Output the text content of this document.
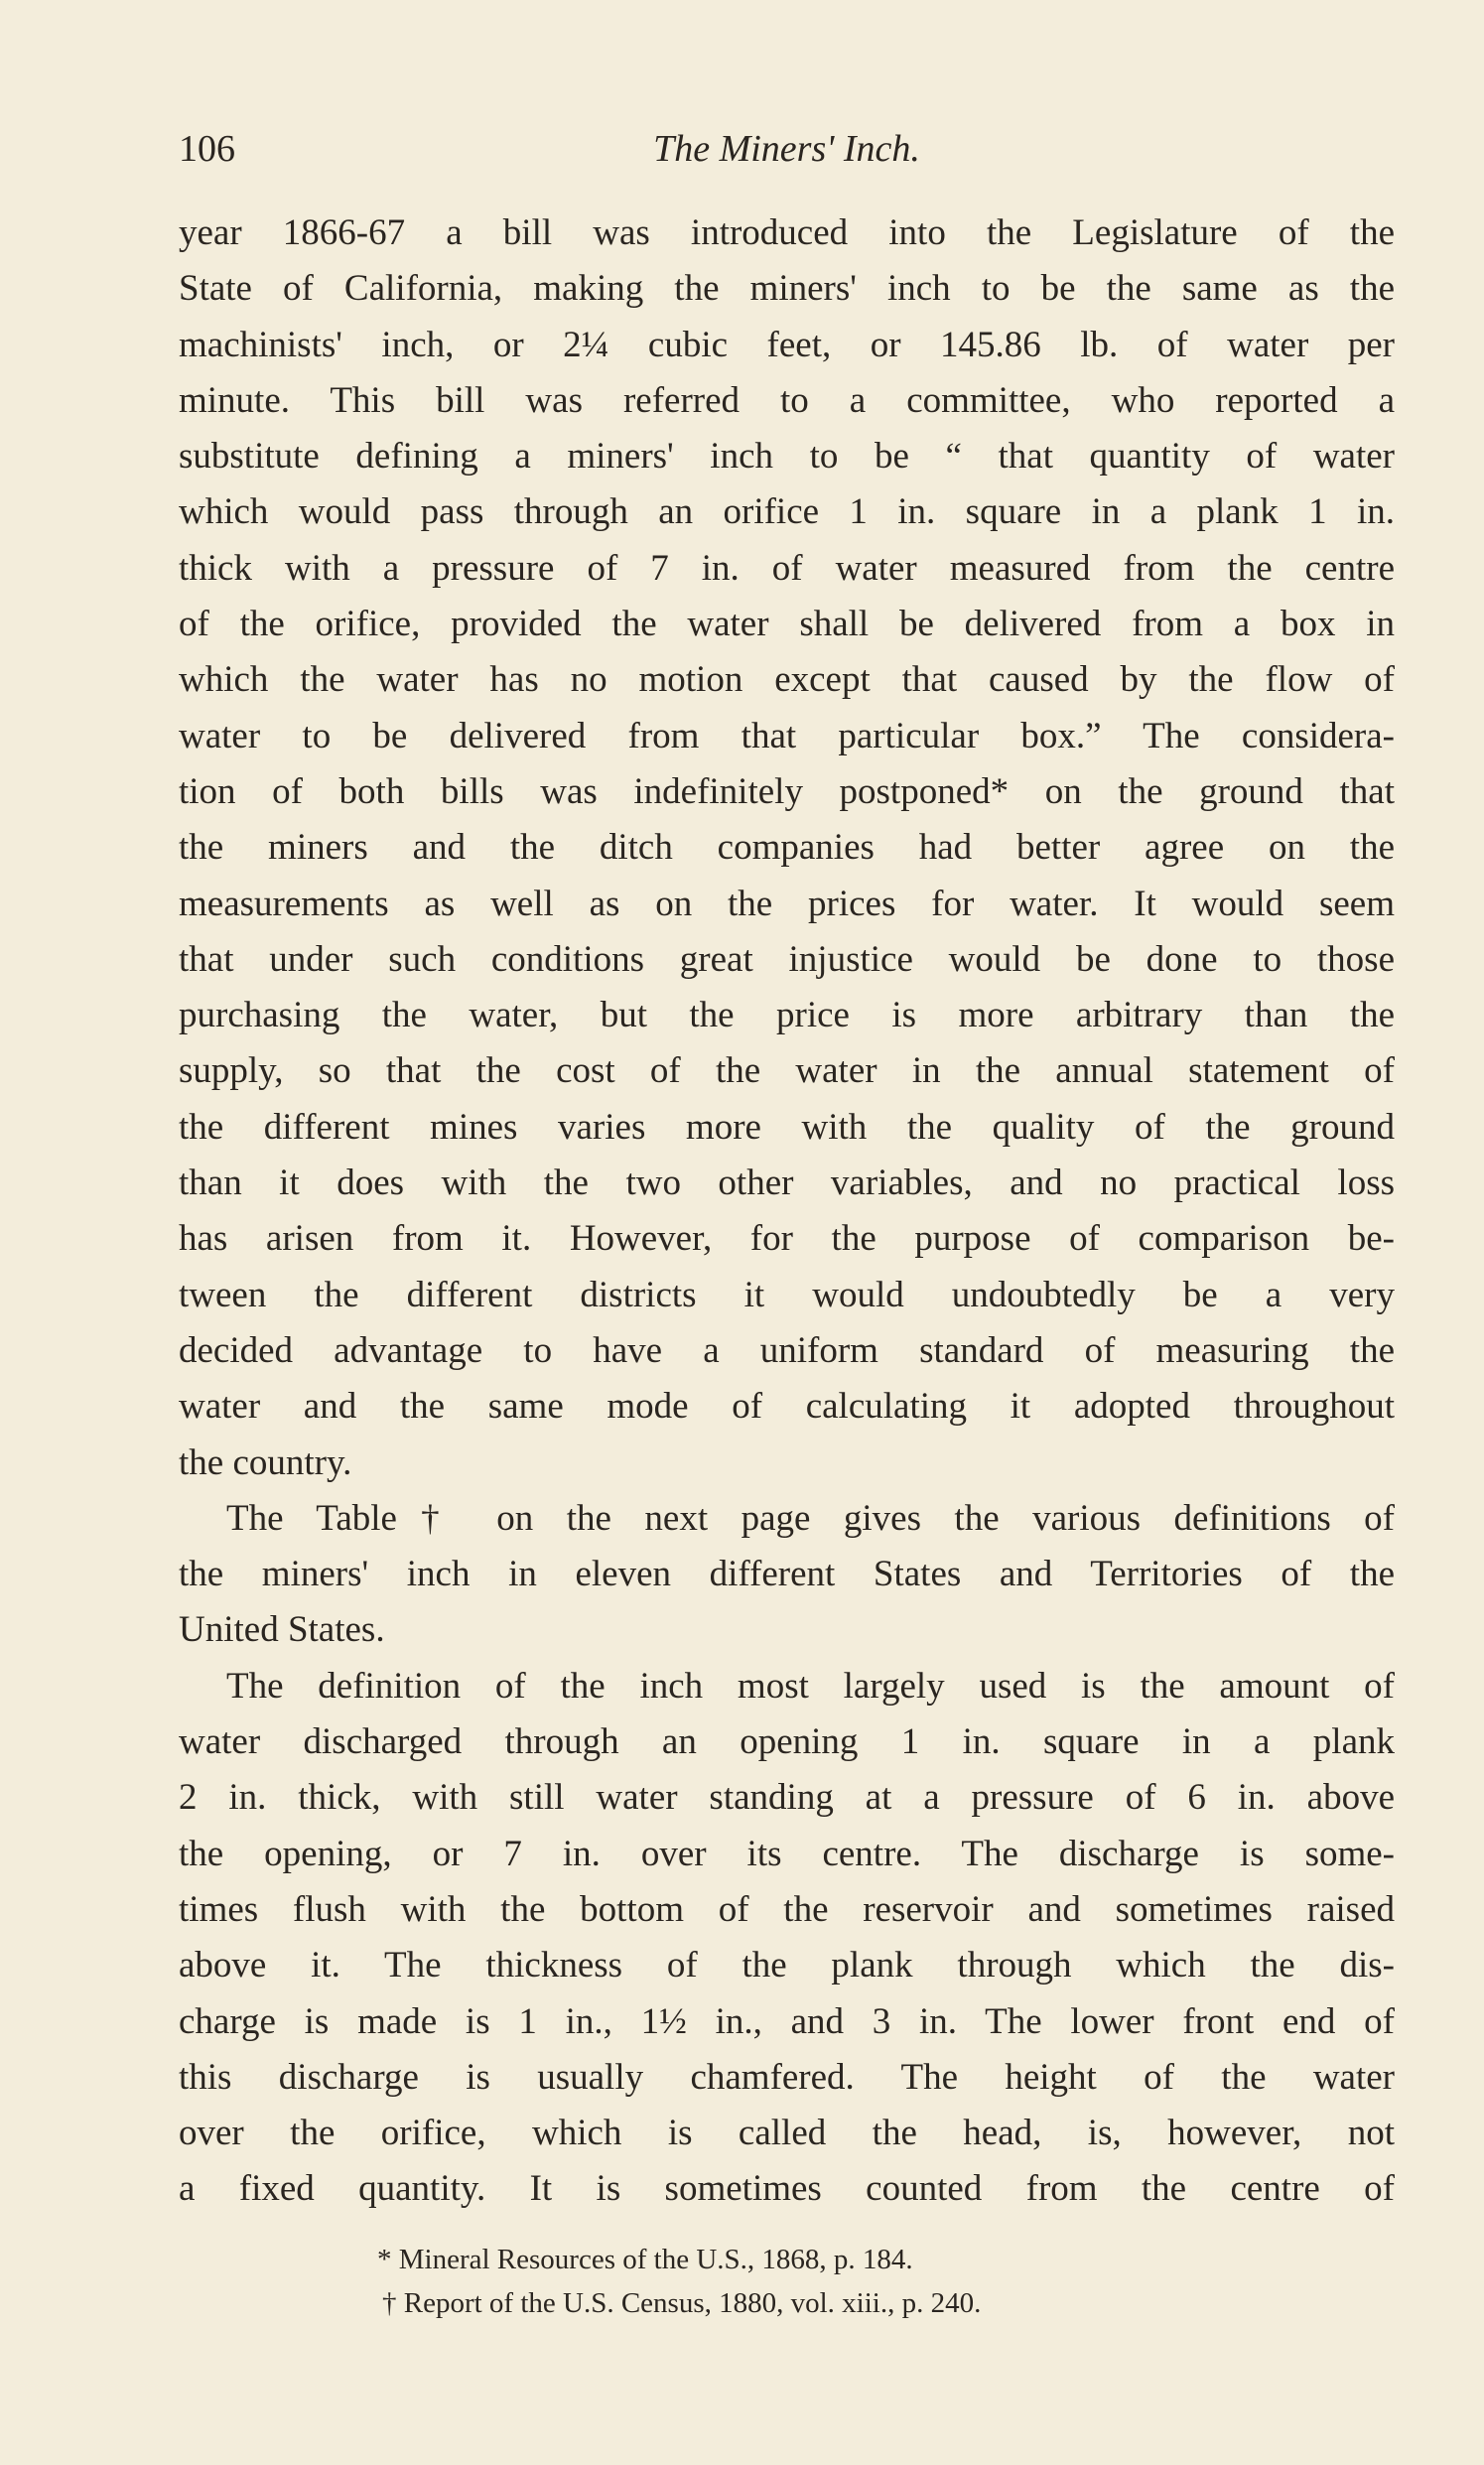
106	The Miners' Inch.
year 1866-67 a bill was introduced into the Legislature of the
State of California, making the miners' inch to be the same as the
machinists' inch, or 2¼ cubic feet, or 145.86 lb. of water per
minute. This bill was referred to a committee, who reported a
substitute defining a miners' inch to be “ that quantity of water
which would pass through an orifice 1 in. square in a plank 1 in.
thick with a pressure of 7 in. of water measured from the centre
of the orifice, provided the water shall be delivered from a box in
which the water has no motion except that caused by the flow of
water to be delivered from that particular box.” The considera-
tion of both bills was indefinitely postponed* on the ground that
the miners and the ditch companies had better agree on the
measurements as well as on the prices for water. It would seem
that under such conditions great injustice would be done to those
purchasing the water, but the price is more arbitrary than the
supply, so that the cost of the water in the annual statement of
the different mines varies more with the quality of the ground
than it does with the two other variables, and no practical loss
has arisen from it. However, for the purpose of comparison be-
tween the different districts it would undoubtedly be a very
decided advantage to have a uniform standard of measuring the
water and the same mode of calculating it adopted throughout
the country.
The Table† on the next page gives the various definitions of
the miners' inch in eleven different States and Territories of the
United States.
The definition of the inch most largely used is the amount of
water discharged through an opening 1 in. square in a plank
2 in. thick, with still water standing at a pressure of 6 in. above
the opening, or 7 in. over its centre. The discharge is some-
times flush with the bottom of the reservoir and sometimes raised
above it. The thickness of the plank through which the dis-
charge is made is 1 in., 1½ in., and 3 in. The lower front end of
this discharge is usually chamfered. The height of the water
over the orifice, which is called the head, is, however, not
a fixed quantity. It is sometimes counted from the centre of
* Mineral Resources of the U.S., 1868, p. 184.
† Report of the U.S. Census, 1880, vol. xiii., p. 240.
